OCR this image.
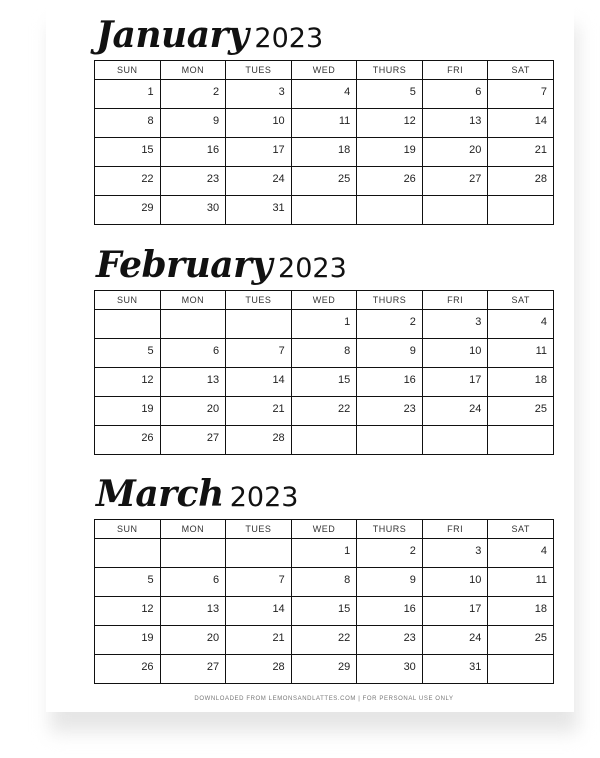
January 2023
SUN	MON	TUES	WED	THURS	FRI	SAT
1	2	3	4	5	6	7
8	9	10	11	12	13	14
15	16	17	18	19	20	21
22	23	24	25	26	27	28
29	30	31				
February 2023
SUN	MON	TUES	WED	THURS	FRI	SAT
			1	2	3	4
5	6	7	8	9	10	11
12	13	14	15	16	17	18
19	20	21	22	23	24	25
26	27	28				
March 2023
SUN	MON	TUES	WED	THURS	FRI	SAT
			1	2	3	4
5	6	7	8	9	10	11
12	13	14	15	16	17	18
19	20	21	22	23	24	25
26	27	28	29	30	31	
DOWNLOADED FROM LEMONSANDLATTES.COM | FOR PERSONAL USE ONLY
